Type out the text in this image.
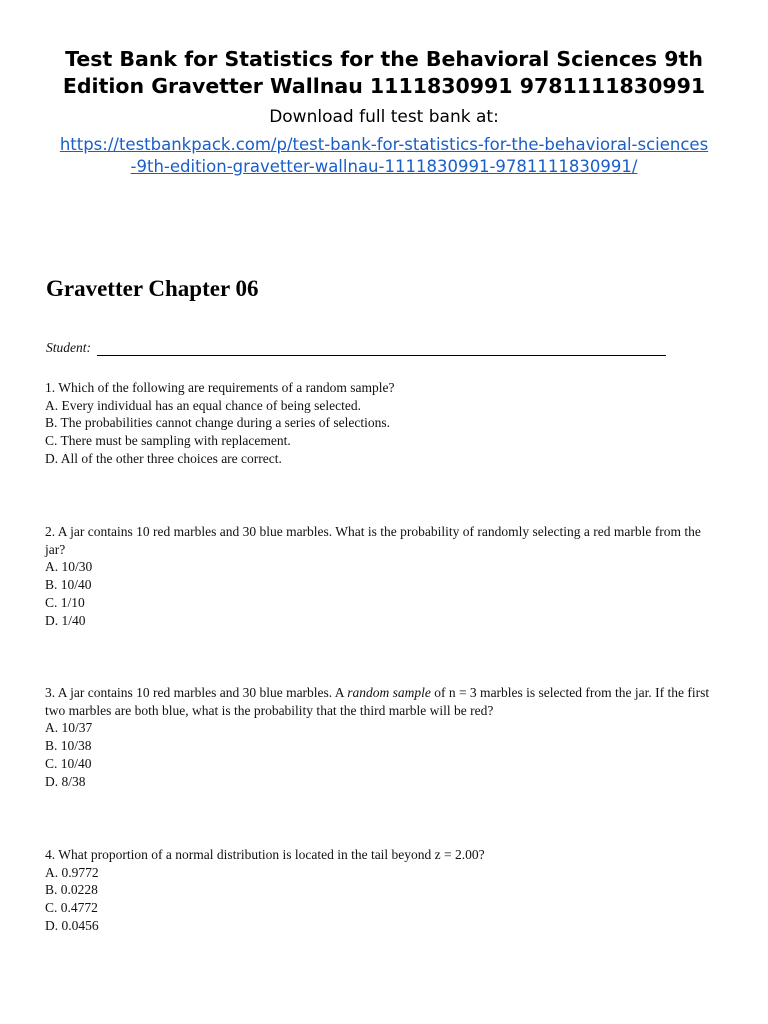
Test Bank for Statistics for the Behavioral Sciences 9th Edition Gravetter Wallnau 1111830991 9781111830991
Download full test bank at:
https://testbankpack.com/p/test-bank-for-statistics-for-the-behavioral-sciences-9th-edition-gravetter-wallnau-1111830991-9781111830991/
Gravetter Chapter 06
Student:
1. Which of the following are requirements of a random sample?
A. Every individual has an equal chance of being selected.
B. The probabilities cannot change during a series of selections.
C. There must be sampling with replacement.
D. All of the other three choices are correct.
2. A jar contains 10 red marbles and 30 blue marbles. What is the probability of randomly selecting a red marble from the jar?
A. 10/30
B. 10/40
C. 1/10
D. 1/40
3. A jar contains 10 red marbles and 30 blue marbles. A random sample of n = 3 marbles is selected from the jar. If the first two marbles are both blue, what is the probability that the third marble will be red?
A. 10/37
B. 10/38
C. 10/40
D. 8/38
4. What proportion of a normal distribution is located in the tail beyond z = 2.00?
A. 0.9772
B. 0.0228
C. 0.4772
D. 0.0456
